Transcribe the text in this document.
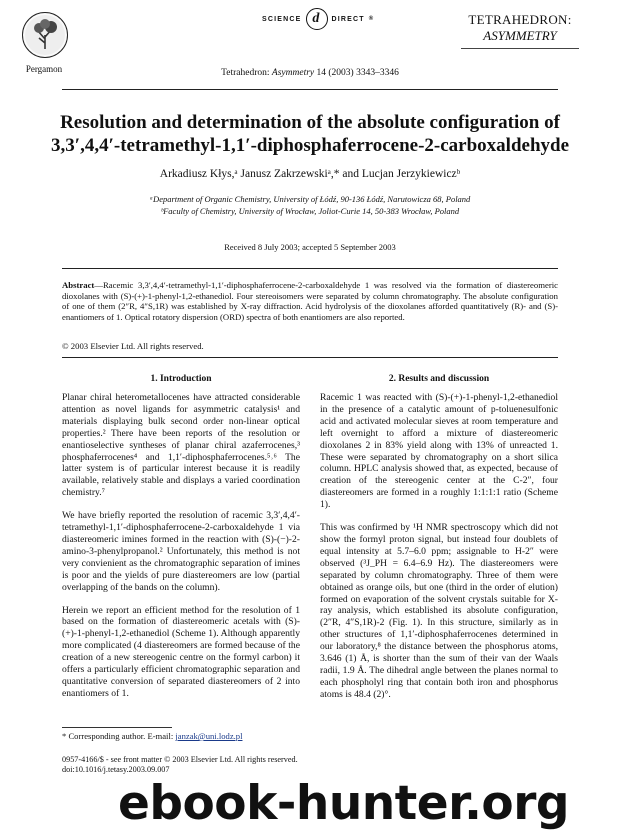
Pergamon
SCIENCE d	DIRECT ®
Tetrahedron: Asymmetry 14 (2003) 3343–3346
TETRAHEDRON:
ASYMMETRY
Resolution and determination of the absolute configuration of
3,3′,4,4′-tetramethyl-1,1′-diphosphaferrocene-2-carboxaldehyde
Arkadiusz Kłys,ᵃ Janusz Zakrzewskiᵃ,* and Lucjan Jerzykiewiczᵇ
ᵃDepartment of Organic Chemistry, University of Łódź, 90-136 Łódź, Narutowicza 68, Poland
ᵇFaculty of Chemistry, University of Wrocław, Joliot-Curie 14, 50-383 Wrocław, Poland
Received 8 July 2003; accepted 5 September 2003
Abstract—Racemic 3,3′,4,4′-tetramethyl-1,1′-diphosphaferrocene-2-carboxaldehyde 1 was resolved via the formation of diastereomeric dioxolanes with (S)-(+)-1-phenyl-1,2-ethanediol. Four stereoisomers were separated by column chromatography. The absolute configuration of one of them (2″R, 4″S,1R) was established by X-ray diffraction. Acid hydrolysis of the dioxolanes afforded quantitatively (R)- and (S)-enantiomers of 1. Optical rotatory dispersion (ORD) spectra of both enantiomers are also reported.
© 2003 Elsevier Ltd. All rights reserved.
1. Introduction

Planar chiral heterometallocenes have attracted considerable attention as novel ligands for asymmetric catalysis¹ and materials displaying bulk second order non-linear optical properties.² There have been reports of the resolution or enantioselective syntheses of planar chiral azaferrocenes,³ phosphaferrocenes⁴ and 1,1′-diphosphaferrocenes.⁵˒⁶ The latter system is of particular interest because it is readily available, relatively stable and displays a varied coordination chemistry.⁷

We have briefly reported the resolution of racemic 3,3′,4,4′-tetramethyl-1,1′-diphosphaferrocene-2-carboxaldehyde 1 via diastereomeric imines formed in the reaction with (S)-(−)-2-amino-3-phenylpropanol.² Unfortunately, this method is not very convienient as the chromatographic separation of imines is poor and the yields of pure diastereomers are low (partial overlapping of the bands on the column).

Herein we report an efficient method for the resolution of 1 based on the formation of diastereomeric acetals with (S)-(+)-1-phenyl-1,2-ethanediol (Scheme 1). Although apparently more complicated (4 diastereomers are formed because of the creation of a new stereogenic centre on the formyl carbon) it offers a particularly efficient chromatographic separation and quantitative conversion of separated diastereomers of 2 into enantiomers of 1.

2. Results and discussion

Racemic 1 was reacted with (S)-(+)-1-phenyl-1,2-ethanediol in the presence of a catalytic amount of p-toluenesulfonic acid and activated molecular sieves at room temperature and left overnight to afford a mixture of diastereomeric dioxolanes 2 in 83% yield along with 13% of unreacted 1. These were separated by chromatography on a short silica column. HPLC analysis showed that, as expected, because of creation of the stereogenic center at the C-2″, four diastereomers are formed in a roughly 1:1:1:1 ratio (Scheme 1).

This was confirmed by ¹H NMR spectroscopy which did not show the formyl proton signal, but instead four doublets of equal intensity at 5.7–6.0 ppm; assignable to H-2″ were observed (³J_PH = 6.4–6.9 Hz). The diastereomers were separated by column chromatography. Three of them were obtained as orange oils, but one (third in the order of elution) formed on evaporation of the solvent crystals suitable for X-ray analysis, which established its absolute configuration, (2″R, 4″S,1R)-2 (Fig. 1). In this structure, similarly as in other structures of 1,1′-diphosphaferrocenes determined in our laboratory,⁸ the distance between the phosphorus atoms, 3.646 (1) Å, is shorter than the sum of their van der Waals radii, 1.9 Å. The dihedral angle between the planes normal to each phospholyl ring that contain both iron and phosphorus atoms is 48.4 (2)°.

* Corresponding author. E-mail: janzak@uni.lodz.pl
0957-4166/$ - see front matter © 2003 Elsevier Ltd. All rights reserved.
doi:10.1016/j.tetasy.2003.09.007
ebook-hunter.org
